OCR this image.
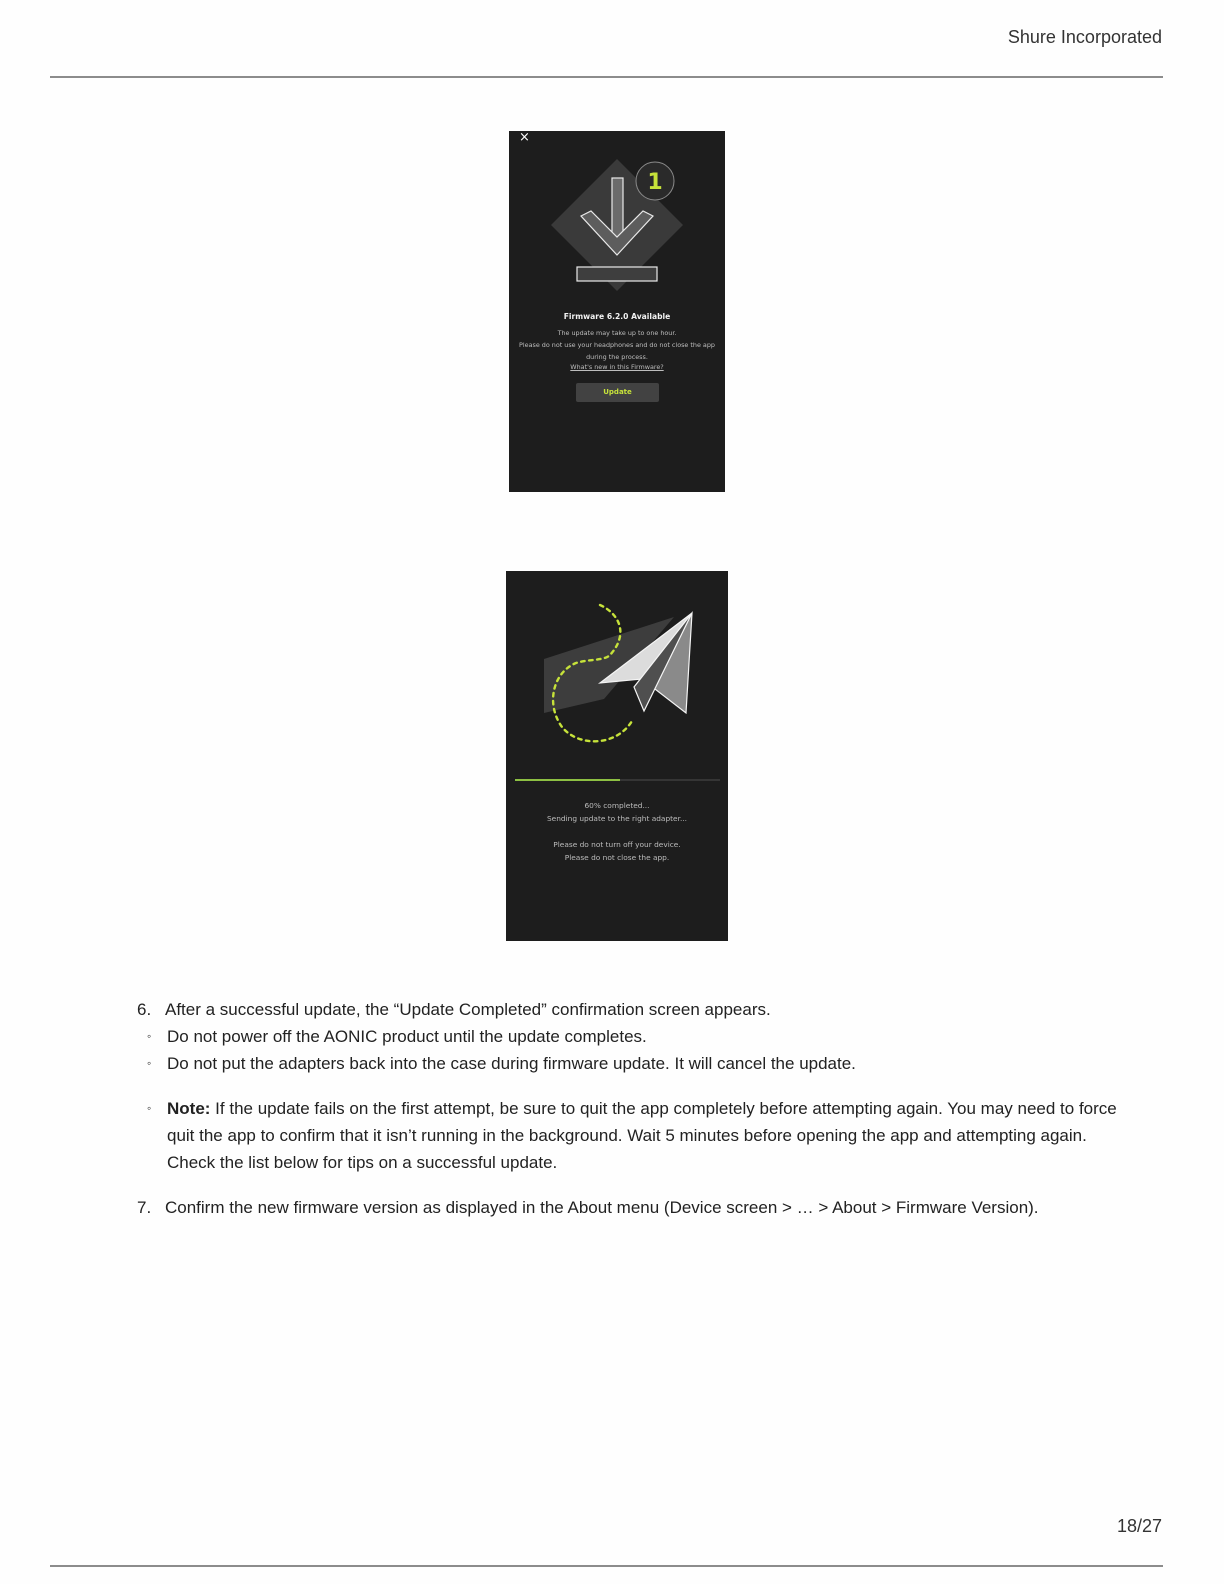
Shure Incorporated
1
×
Firmware 6.2.0 Available
The update may take up to one hour.
Please do not use your headphones and do not close the app
during the process.
What's new in this Firmware?
Update
60% completed...
Sending update to the right adapter...
Please do not turn off your device.
Please do not close the app.
6. After a successful update, the “Update Completed” confirmation screen appears.
◦ Do not power off the AONIC product until the update completes.
◦ Do not put the adapters back into the case during firmware update. It will cancel the update.
◦ Note: If the update fails on the first attempt, be sure to quit the app completely before attempting again. You may need to force quit the app to confirm that it isn’t running in the background. Wait 5 minutes before opening the app and attempting again. Check the list below for tips on a successful update.
7. Confirm the new firmware version as displayed in the About menu (Device screen > … > About > Firmware Version).
18/27
